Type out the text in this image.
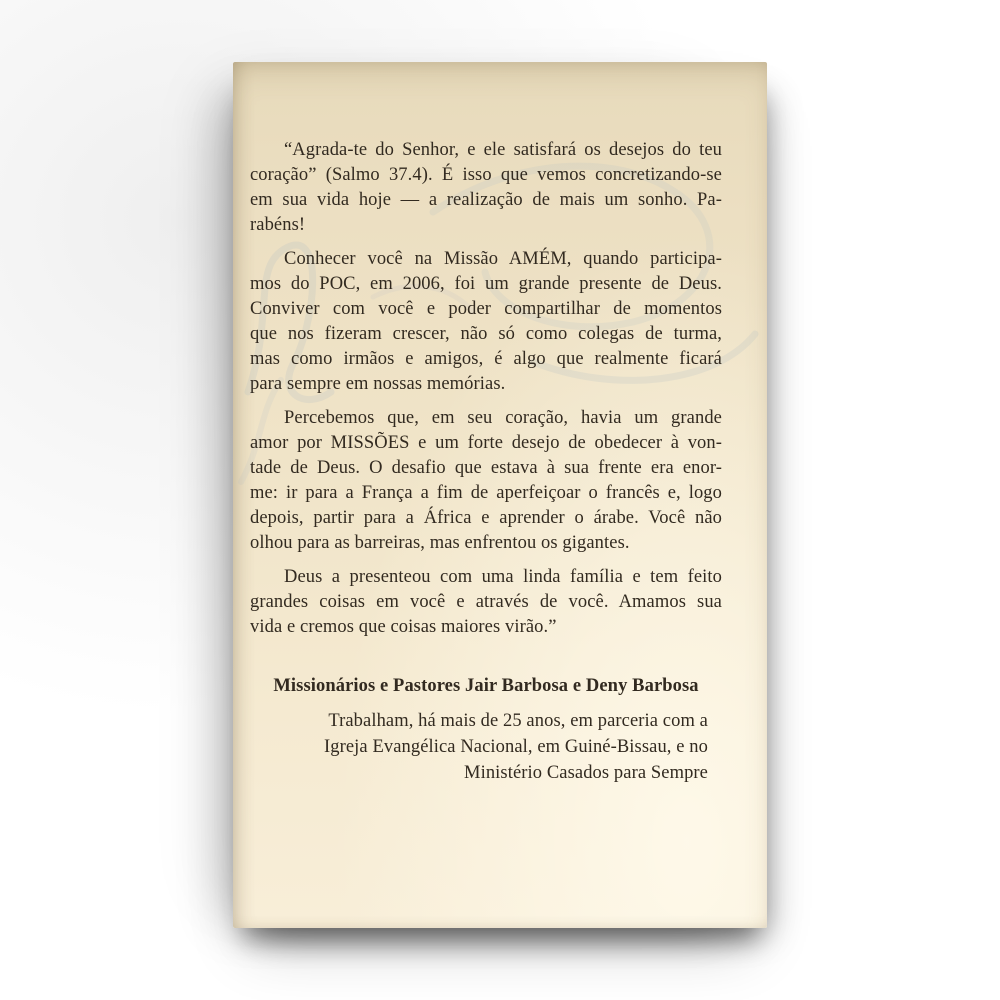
“Agrada-te do Senhor, e ele satisfará os desejos do teu
coração” (Salmo 37.4). É isso que vemos concretizando-se
em sua vida hoje — a realização de mais um sonho. Pa-
rabéns!

Conhecer você na Missão AMÉM, quando participa-
mos do POC, em 2006, foi um grande presente de Deus.
Conviver com você e poder compartilhar de momentos
que nos fizeram crescer, não só como colegas de turma,
mas como irmãos e amigos, é algo que realmente ficará
para sempre em nossas memórias.

Percebemos que, em seu coração, havia um grande
amor por MISSÕES e um forte desejo de obedecer à von-
tade de Deus. O desafio que estava à sua frente era enor-
me: ir para a França a fim de aperfeiçoar o francês e, logo
depois, partir para a África e aprender o árabe. Você não
olhou para as barreiras, mas enfrentou os gigantes.

Deus a presenteou com uma linda família e tem feito
grandes coisas em você e através de você. Amamos sua
vida e cremos que coisas maiores virão.”

Missionários e Pastores Jair Barbosa e Deny Barbosa

Trabalham, há mais de 25 anos, em parceria com a
Igreja Evangélica Nacional, em Guiné-Bissau, e no
Ministério Casados para Sempre
